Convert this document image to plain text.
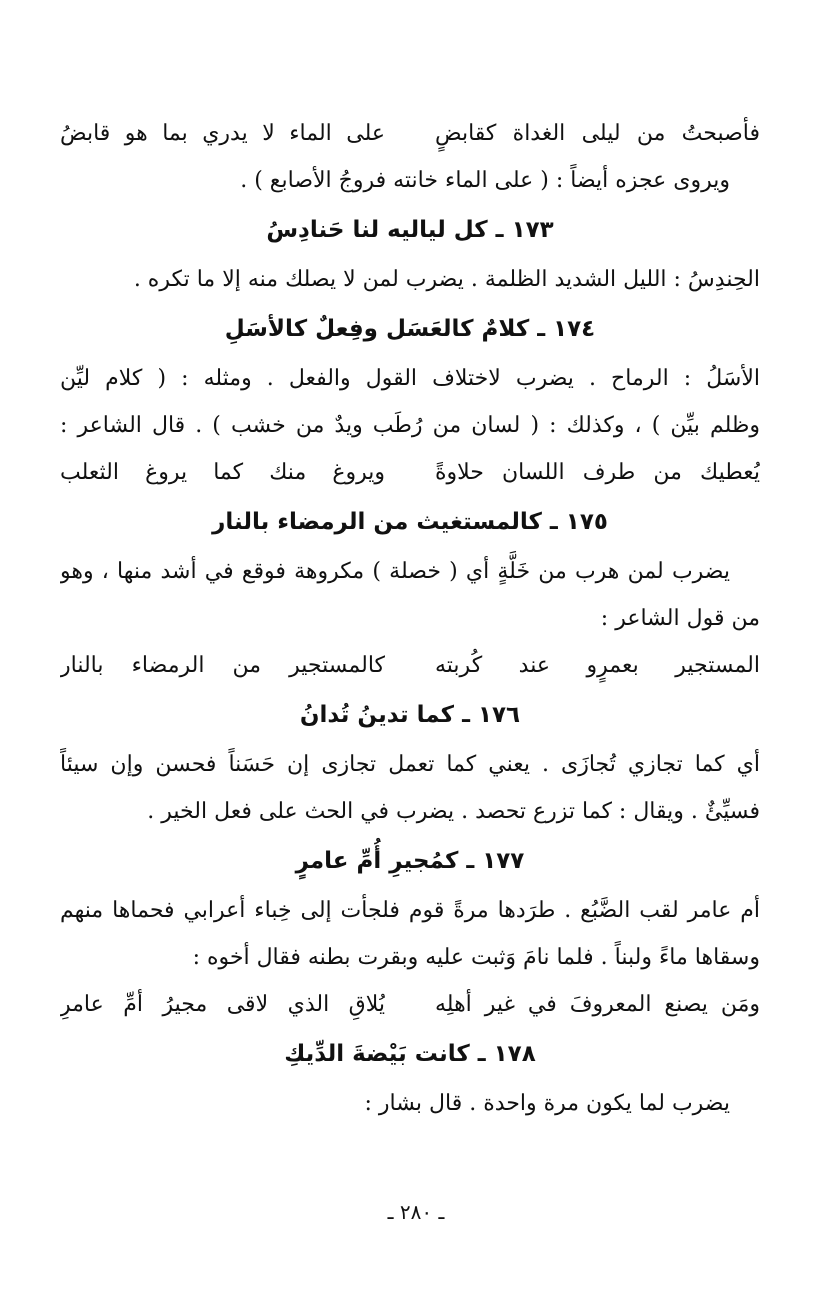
فأصبحتُ من ليلى الغداة كقابضٍ
على الماء لا يدري بما هو قابضُ
ويروى عجزه أيضاً : ( على الماء خانته فروجُ الأصابع ) .
١٧٣ ـ كل لياليه لنا حَنادِسُ
الحِندِسُ : الليل الشديد الظلمة . يضرب لمن لا يصلك منه إلا ما تكره .
١٧٤ ـ كلامٌ كالعَسَل وفِعلٌ كالأسَلِ
الأسَلُ : الرماح . يضرب لاختلاف القول والفعل . ومثله : ( كلام ليِّن
وظلم بيِّن ) ، وكذلك : ( لسان من رُطَب ويدٌ من خشب ) . قال الشاعر :
يُعطيك من طرف اللسان حلاوةً
ويروغ منك كما يروغ الثعلب
١٧٥ ـ كالمستغيث من الرمضاء بالنار
يضرب لمن هرب من خَلَّةٍ أي ( خصلة ) مكروهة فوقع في أشد منها ، وهو
من قول الشاعر :
المستجير بعمرٍو عند كُربته
كالمستجير من الرمضاء بالنار
١٧٦ ـ كما تدينُ تُدانُ
أي كما تجازي تُجازَى . يعني كما تعمل تجازى إن حَسَناً فحسن وإن سيئاً
فسيِّئٌ . ويقال : كما تزرع تحصد . يضرب في الحث على فعل الخير .
١٧٧ ـ كمُجيرِ أُمِّ عامرٍ
أم عامر لقب الضَّبُع . طرَدها مرةً قوم فلجأت إلى خِباء أعرابي فحماها منهم
وسقاها ماءً ولبناً . فلما نامَ وَثبت عليه وبقرت بطنه فقال أخوه :
ومَن يصنع المعروفَ في غير أهلِه
يُلاقِ الذي لاقى مجيرُ أمِّ عامرِ
١٧٨ ـ كانت بَيْضةَ الدِّيكِ
يضرب لما يكون مرة واحدة . قال بشار :
ـ ٢٨٠ ـ
